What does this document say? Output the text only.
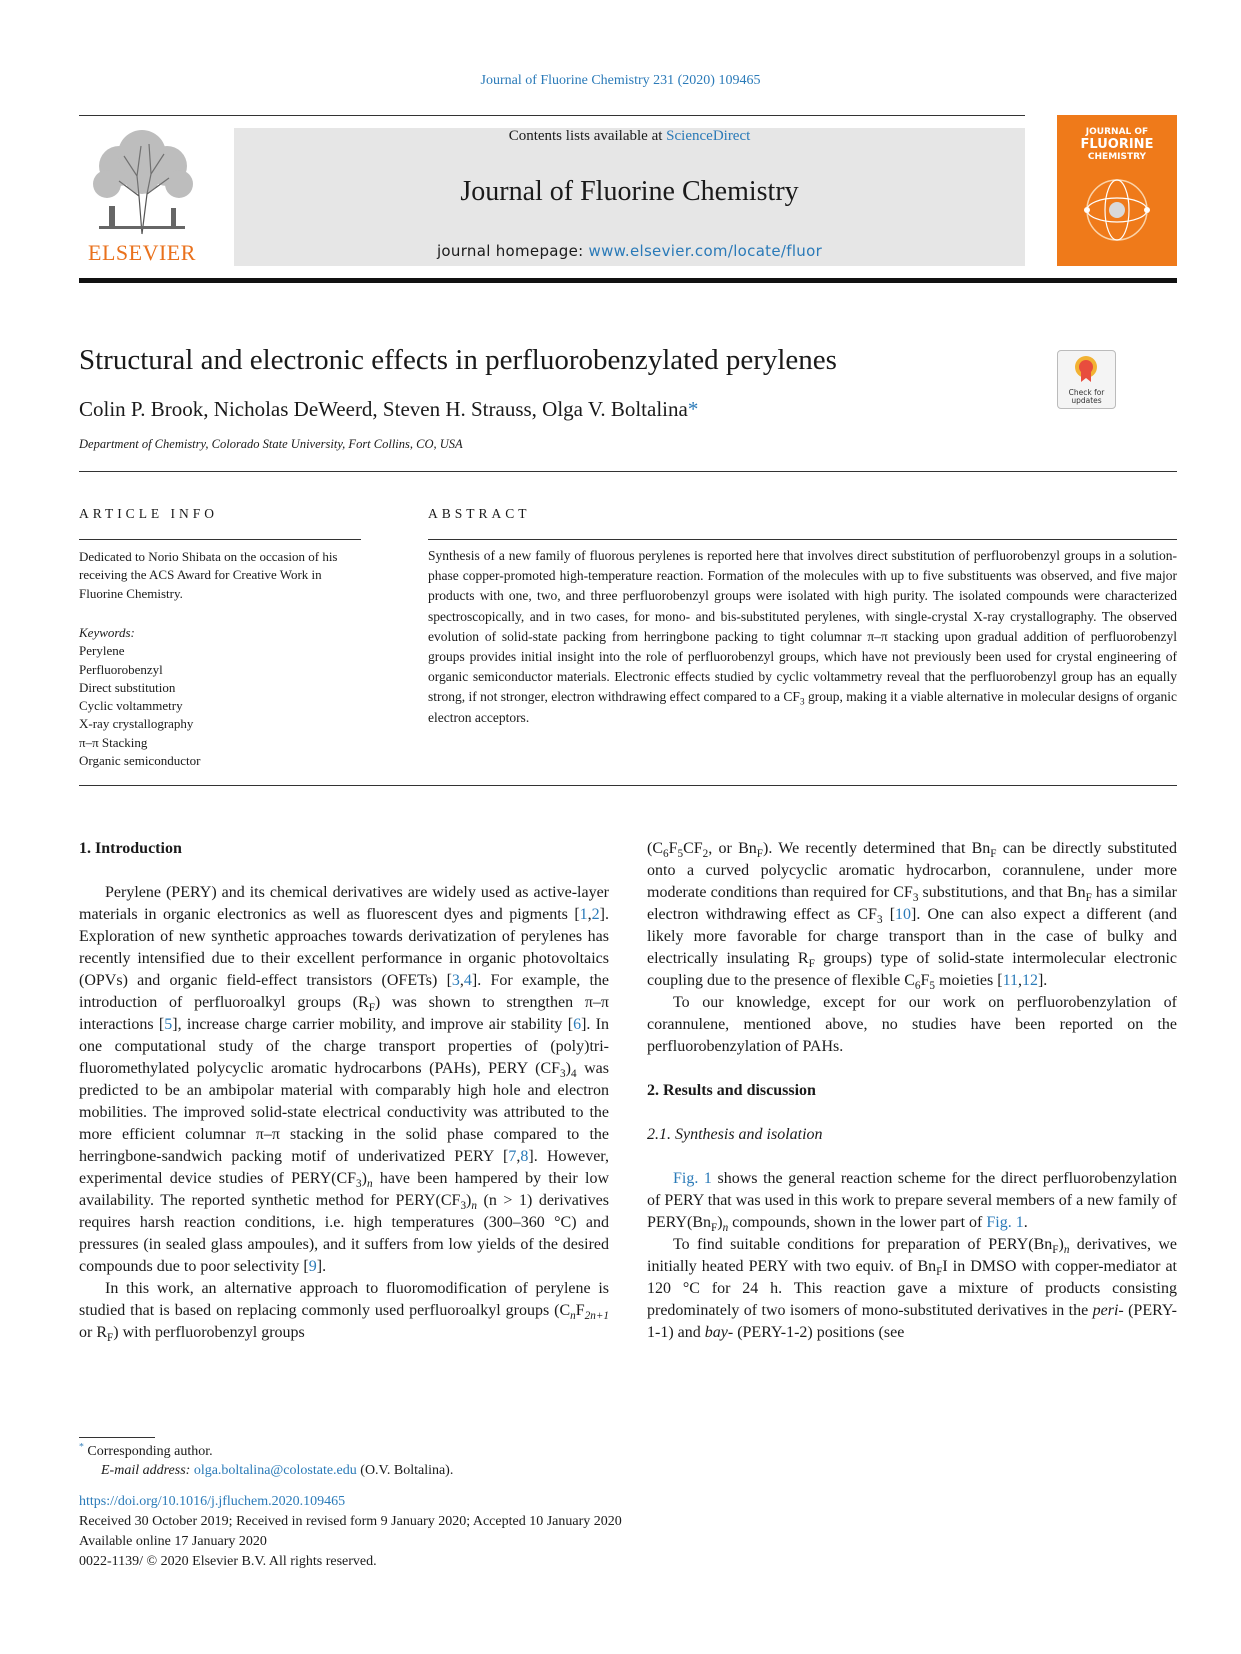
Journal of Fluorine Chemistry 231 (2020) 109465
ELSEVIER
Contents lists available at ScienceDirect
Journal of Fluorine Chemistry
journal homepage: www.elsevier.com/locate/fluor
JOURNAL OF
FLUORINE
CHEMISTRY
Structural and electronic effects in perfluorobenzylated perylenes
Check for
updates
Colin P. Brook, Nicholas DeWeerd, Steven H. Strauss, Olga V. Boltalina*
Department of Chemistry, Colorado State University, Fort Collins, CO, USA
ARTICLE INFO
Dedicated to Norio Shibata on the occasion of his receiving the ACS Award for Creative Work in Fluorine Chemistry.
Keywords:
Perylene
Perfluorobenzyl
Direct substitution
Cyclic voltammetry
X-ray crystallography
π–π Stacking
Organic semiconductor
ABSTRACT
Synthesis of a new family of fluorous perylenes is reported here that involves direct substitution of perfluorobenzyl groups in a solution-phase copper-promoted high-temperature reaction. Formation of the molecules with up to five substituents was observed, and five major products with one, two, and three perfluorobenzyl groups were isolated with high purity. The isolated compounds were characterized spectroscopically, and in two cases, for mono- and bis-substituted perylenes, with single-crystal X-ray crystallography. The observed evolution of solid-state packing from herringbone packing to tight columnar π–π stacking upon gradual addition of perfluorobenzyl groups provides initial insight into the role of perfluorobenzyl groups, which have not previously been used for crystal engineering of organic semiconductor materials. Electronic effects studied by cyclic voltammetry reveal that the perfluorobenzyl group has an equally strong, if not stronger, electron withdrawing effect compared to a $CF_3$ group, making it a viable alternative in molecular designs of organic electron acceptors.

1. Introduction

Perylene (PERY) and its chemical derivatives are widely used as active-layer materials in organic electronics as well as fluorescent dyes and pigments [1,2]. Exploration of new synthetic approaches towards derivatization of perylenes has recently intensified due to their excellent performance in organic photovoltaics (OPVs) and organic field-effect transistors (OFETs) [3,4]. For example, the introduction of perfluoroalkyl groups $(R_F)$ was shown to strengthen π–π interactions [5], increase charge carrier mobility, and improve air stability [6]. In one computational study of the charge transport properties of (poly)trifluoromethylated polycyclic aromatic hydrocarbons (PAHs), PERY $(CF_3)_4$ was predicted to be an ambipolar material with comparably high hole and electron mobilities. The improved solid-state electrical conductivity was attributed to the more efficient columnar π–π stacking in the solid phase compared to the herringbone-sandwich packing motif of underivatized PERY [7,8]. However, experimental device studies of $PERY(CF_3)_n$ have been hampered by their low availability. The reported synthetic method for $PERY(CF_3)_n$ (n > 1) derivatives requires harsh reaction conditions, i.e. high temperatures (300–360 °C) and pressures (in sealed glass ampoules), and it suffers from low yields of the desired compounds due to poor selectivity [9].

In this work, an alternative approach to fluoromodification of perylene is studied that is based on replacing commonly used perfluoroalkyl groups ($C_nF_{2n+1}$ or $R_F$) with perfluorobenzyl groups

($C_6F_5CF_2$, or $Bn_F$). We recently determined that $Bn_F$ can be directly substituted onto a curved polycyclic aromatic hydrocarbon, corannulene, under more moderate conditions than required for $CF_3$ substitutions, and that $Bn_F$ has a similar electron withdrawing effect as $CF_3$ [10]. One can also expect a different (and likely more favorable for charge transport than in the case of bulky and electrically insulating $R_F$ groups) type of solid-state intermolecular electronic coupling due to the presence of flexible $C_6F_5$ moieties [11,12].

To our knowledge, except for our work on perfluorobenzylation of corannulene, mentioned above, no studies have been reported on the perfluorobenzylation of PAHs.

2. Results and discussion

2.1. Synthesis and isolation

Fig. 1 shows the general reaction scheme for the direct perfluorobenzylation of PERY that was used in this work to prepare several members of a new family of $PERY(Bn_F)_n$ compounds, shown in the lower part of Fig. 1.

To find suitable conditions for preparation of $PERY(Bn_F)_n$ derivatives, we initially heated PERY with two equiv. of $Bn_FI$ in DMSO with copper-mediator at 120 °C for 24 h. This reaction gave a mixture of products consisting predominately of two isomers of mono-substituted derivatives in the peri- (PERY-1-1) and bay- (PERY-1-2) positions (see

* Corresponding author.
E-mail address: olga.boltalina@colostate.edu (O.V. Boltalina).
https://doi.org/10.1016/j.jfluchem.2020.109465
Received 30 October 2019; Received in revised form 9 January 2020; Accepted 10 January 2020
Available online 17 January 2020
0022-1139/ © 2020 Elsevier B.V. All rights reserved.
